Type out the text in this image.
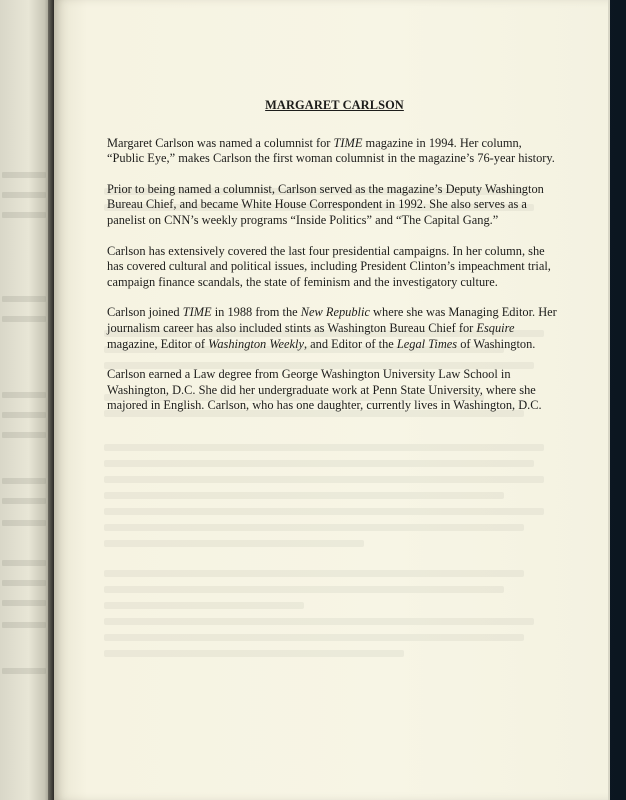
MARGARET CARLSON

Margaret Carlson was named a columnist for TIME magazine in 1994. Her column, “Public Eye,” makes Carlson the first woman columnist in the magazine’s 76-year history.

Prior to being named a columnist, Carlson served as the magazine’s Deputy Washington Bureau Chief, and became White House Correspondent in 1992. She also serves as a panelist on CNN’s weekly programs “Inside Politics” and “The Capital Gang.”

Carlson has extensively covered the last four presidential campaigns. In her column, she has covered cultural and political issues, including President Clinton’s impeachment trial, campaign finance scandals, the state of feminism and the investigatory culture.

Carlson joined TIME in 1988 from the New Republic where she was Managing Editor. Her journalism career has also included stints as Washington Bureau Chief for Esquire magazine, Editor of Washington Weekly, and Editor of the Legal Times of Washington.

Carlson earned a Law degree from George Washington University Law School in Washington, D.C. She did her undergraduate work at Penn State University, where she majored in English. Carlson, who has one daughter, currently lives in Washington, D.C.
